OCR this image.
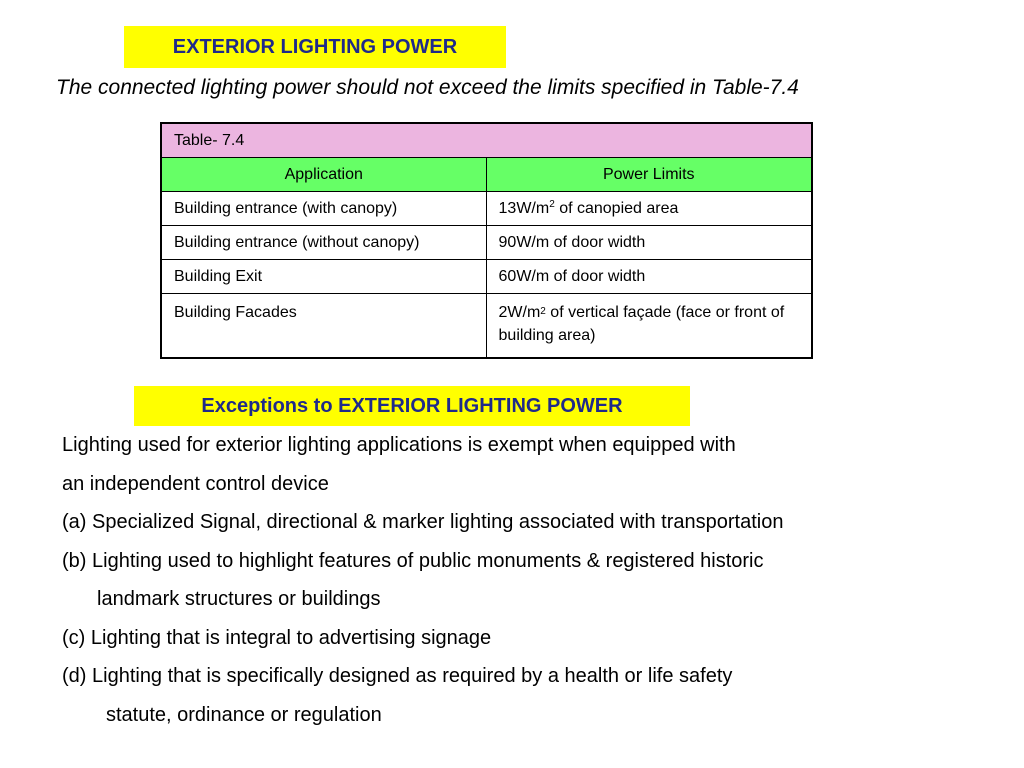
EXTERIOR LIGHTING POWER
The connected lighting power should not exceed the limits specified in Table-7.4
Table- 7.4	
Application	Power Limits
Building entrance (with canopy)	$13W/m^2$ of canopied area
Building entrance (without canopy)	90W/m of door width
Building Exit	60W/m of door width
Building Facades	$2W/m^2$ of vertical façade (face or front of building area)
Exceptions to EXTERIOR LIGHTING POWER
Lighting used for exterior lighting applications is exempt when equipped with
an independent control device
(a) Specialized Signal, directional & marker lighting associated with transportation
(b) Lighting used to highlight features of public monuments & registered historic
landmark structures or buildings
(c) Lighting that is integral to advertising signage
(d) Lighting that is specifically designed as required by a health or life safety
statute, ordinance or regulation
